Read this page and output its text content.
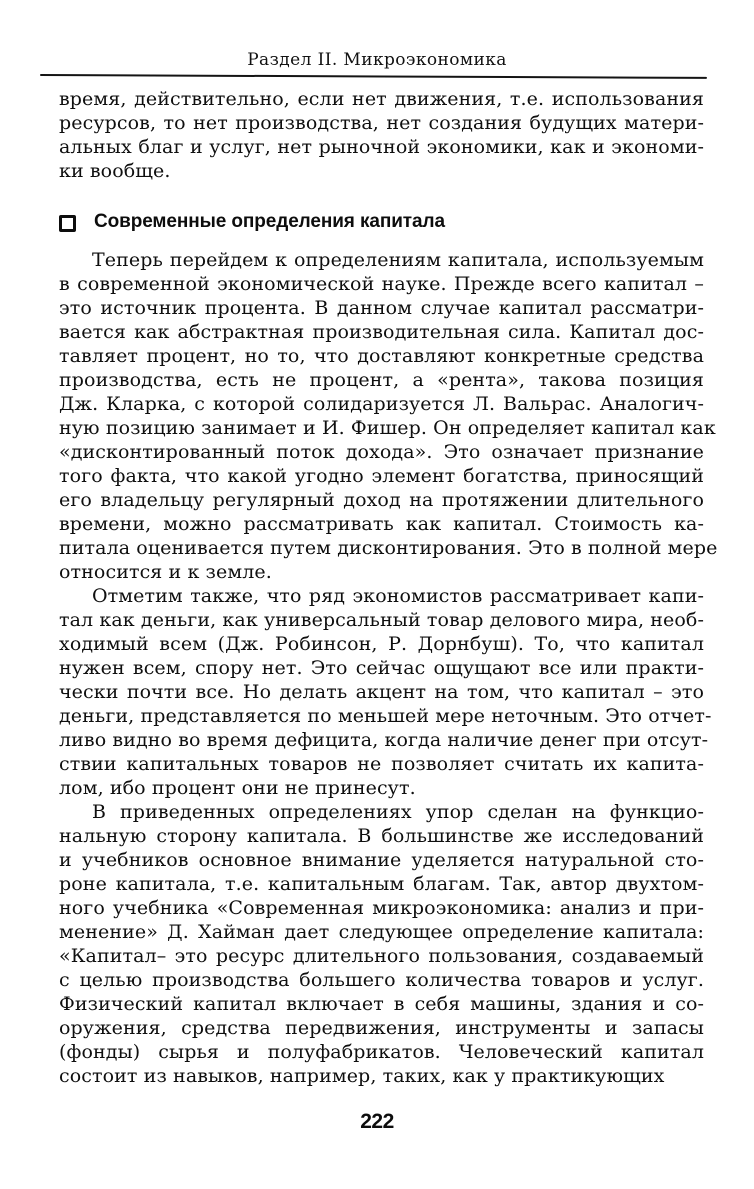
Раздел II. Микроэкономика
время, действительно, если нет движения, т.е. использования
ресурсов, то нет производства, нет создания будущих матери-
альных благ и услуг, нет рыночной экономики, как и экономи-
ки вообще.
Современные определения капитала
Теперь перейдем к определениям капитала, используемым
в современной экономической науке. Прежде всего капитал –
это источник процента. В данном случае капитал рассматри-
вается как абстрактная производительная сила. Капитал дос-
тавляет процент, но то, что доставляют конкретные средства
производства, есть не процент, а «рента», такова позиция
Дж. Кларка, с которой солидаризуется Л. Вальрас. Аналогич-
ную позицию занимает и И. Фишер. Он определяет капитал как
«дисконтированный поток дохода». Это означает признание
того факта, что какой угодно элемент богатства, приносящий
его владельцу регулярный доход на протяжении длительного
времени, можно рассматривать как капитал. Стоимость ка-
питала оценивается путем дисконтирования. Это в полной мере
относится и к земле.
Отметим также, что ряд экономистов рассматривает капи-
тал как деньги, как универсальный товар делового мира, необ-
ходимый всем (Дж. Робинсон, Р. Дорнбуш). То, что капитал
нужен всем, спору нет. Это сейчас ощущают все или практи-
чески почти все. Но делать акцент на том, что капитал – это
деньги, представляется по меньшей мере неточным. Это отчет-
ливо видно во время дефицита, когда наличие денег при отсут-
ствии капитальных товаров не позволяет считать их капита-
лом, ибо процент они не принесут.
В приведенных определениях упор сделан на функцио-
нальную сторону капитала. В большинстве же исследований
и учебников основное внимание уделяется натуральной сто-
роне капитала, т.е. капитальным благам. Так, автор двухтом-
ного учебника «Современная микроэкономика: анализ и при-
менение» Д. Хайман дает следующее определение капитала:
«Капитал– это ресурс длительного пользования, создаваемый
с целью производства большего количества товаров и услуг.
Физический капитал включает в себя машины, здания и со-
оружения, средства передвижения, инструменты и запасы
(фонды) сырья и полуфабрикатов. Человеческий капитал
состоит из навыков, например, таких, как у практикующих
222
